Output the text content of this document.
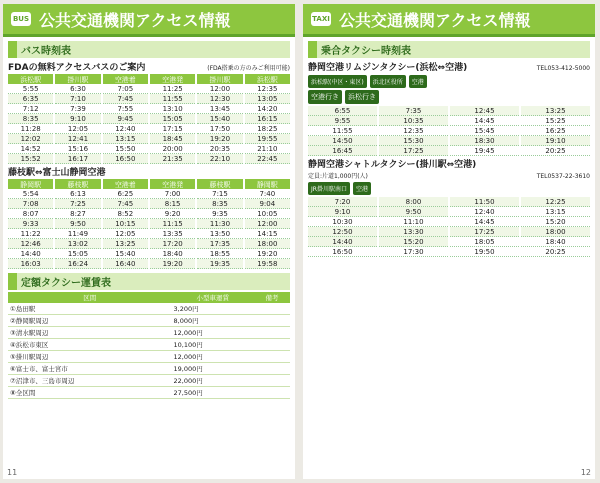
BUS 公共交通機関アクセス情報
バス時刻表
FDAの無料アクセスバスのご案内	(FDA搭乗の方のみご利用可能)
浜松駅	掛川駅	空港着	空港発	掛川駅	浜松駅
5:55	6:30	7:05	11:25	12:00	12:35
6:35	7:10	7:45	11:55	12:30	13:05
7:12	7:39	7:55	13:10	13:45	14:20
8:35	9:10	9:45	15:05	15:40	16:15
11:28	12:05	12:40	17:15	17:50	18:25
12:02	12:41	13:15	18:45	19:20	19:55
14:52	15:16	15:50	20:00	20:35	21:10
15:52	16:17	16:50	21:35	22:10	22:45
藤枝駅⇔富士山静岡空港
静岡駅	藤枝駅	空港着	空港発	藤枝駅	静岡駅
5:54	6:13	6:25	7:00	7:15	7:40
7:08	7:25	7:45	8:15	8:35	9:04
8:07	8:27	8:52	9:20	9:35	10:05
9:33	9:50	10:15	11:15	11:30	12:00
11:22	11:49	12:05	13:35	13:50	14:15
12:46	13:02	13:25	17:20	17:35	18:00
14:40	15:05	15:40	18:40	18:55	19:20
16:03	16:24	16:40	19:20	19:35	19:58
定額タクシー運賃表
区間	小型車運賃	備考
①島田駅	3,200円	
②静岡駅周辺	8,000円	
③清水駅周辺	12,000円	
④浜松市東区	10,100円	
⑤掛川駅周辺	12,000円	
⑥富士市、富士宮市	19,000円	
⑦沼津市、三島市周辺	22,000円	
⑧全区間	27,500円	
11
TAXI 公共交通機関アクセス情報
乗合タクシー時刻表
静岡空港リムジンタクシー(浜松⇔空港)	TEL053-412-5000
浜松駅(中区・東区)	浜北区役所	空港
空港行き	浜松行き
6:55	7:35	12:45	13:25
9:55	10:35	14:45	15:25
11:55	12:35	15:45	16:25
14:50	15:30	18:30	19:10
16:45	17:25	19:45	20:25
静岡空港シャトルタクシー(掛川駅⇔空港)
定員:片道1,000円(人)	TEL0537-22-3610
JR掛川駅南口	空港
7:20	8:00	11:50	12:25
9:10	9:50	12:40	13:15
10:30	11:10	14:45	15:20
12:50	13:30	17:25	18:00
14:40	15:20	18:05	18:40
16:50	17:30	19:50	20:25
12
